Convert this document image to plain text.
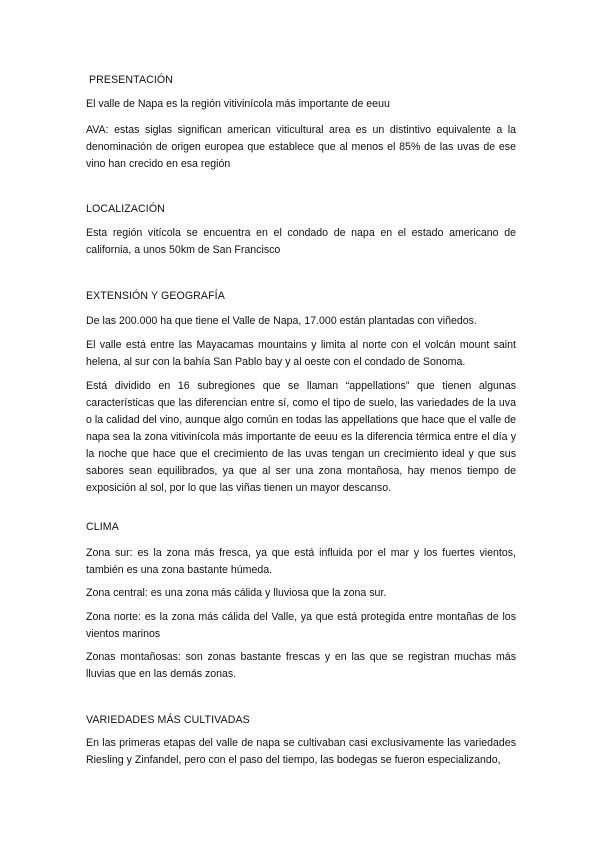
PRESENTACIÓN
El valle de Napa es la región vitivinícola más importante de eeuu
AVA: estas siglas significan american viticultural area es un distintivo equivalente a la denominación de origen europea que establece que al menos el 85% de las uvas de ese vino han crecido en esa región
LOCALIZACIÓN
Esta región vitícola se encuentra en el condado de napa en el estado americano de california, a unos 50km de San Francisco
EXTENSIÓN Y GEOGRAFÍA
De las 200.000 ha que tiene el Valle de Napa, 17.000 están plantadas con viñedos.
El valle está entre las Mayacamas mountains y limita al norte con el volcán mount saint helena, al sur con la bahía San Pablo bay y al oeste con el condado de Sonoma.
Está dividido en 16 subregiones que se llaman “appellations” que tienen algunas características que las diferencian entre sí, como el tipo de suelo, las variedades de la uva o la calidad del vino, aunque algo común en todas las appellations que hace que el valle de napa sea la zona vitivinícola más importante de eeuu es la diferencia térmica entre el día y la noche que hace que el crecimiento de las uvas tengan un crecimiento ideal y que sus sabores sean equilibrados, ya que al ser una zona montañosa, hay menos tiempo de exposición al sol, por lo que las viñas tienen un mayor descanso.
CLIMA
Zona sur: es la zona más fresca, ya que está influida por el mar y los fuertes vientos, también es una zona bastante húmeda.
Zona central: es una zona más cálida y lluviosa que la zona sur.
Zona norte: es la zona más cálida del Valle, ya que está protegida entre montañas de los vientos marinos
Zonas montañosas: son zonas bastante frescas y en las que se registran muchas más lluvias que en las demás zonas.
VARIEDADES MÁS CULTIVADAS
En las primeras etapas del valle de napa se cultivaban casi exclusivamente las variedades Riesling y Zinfandel, pero con el paso del tiempo, las bodegas se fueron especializando,
